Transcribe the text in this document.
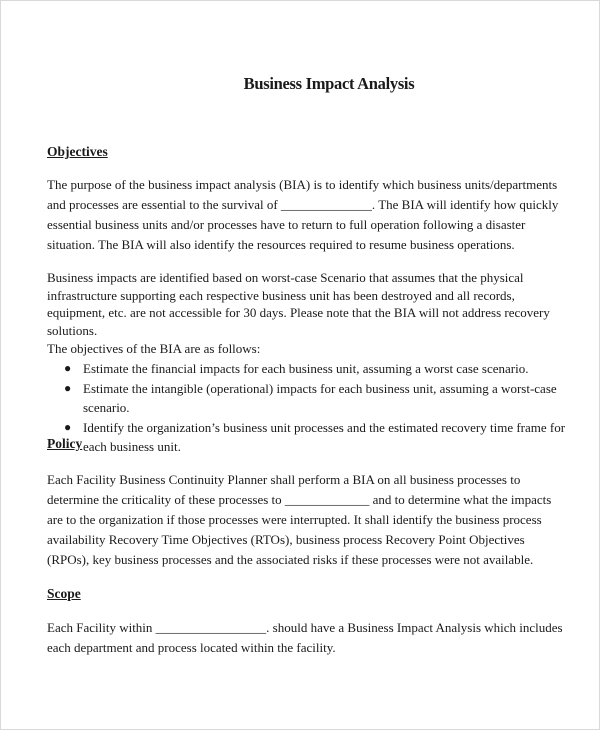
Business Impact Analysis
Objectives

The purpose of the business impact analysis (BIA) is to identify which business units/departments and processes are essential to the survival of ______________. The BIA will identify how quickly essential business units and/or processes have to return to full operation following a disaster situation. The BIA will also identify the resources required to resume business operations.

Business impacts are identified based on worst-case Scenario that assumes that the physical infrastructure supporting each respective business unit has been destroyed and all records, equipment, etc. are not accessible for 30 days. Please note that the BIA will not address recovery solutions.

The objectives of the BIA are as follows:

● Estimate the financial impacts for each business unit, assuming a worst case scenario.
● Estimate the intangible (operational) impacts for each business unit, assuming a worst-case scenario.
● Identify the organization’s business unit processes and the estimated recovery time frame for each business unit.
Policy

Each Facility Business Continuity Planner shall perform a BIA on all business processes to determine the criticality of these processes to _____________ and to determine what the impacts are to the organization if those processes were interrupted. It shall identify the business process availability Recovery Time Objectives (RTOs), business process Recovery Point Objectives (RPOs), key business processes and the associated risks if these processes were not available.

Scope

Each Facility within _________________. should have a Business Impact Analysis which includes each department and process located within the facility.
